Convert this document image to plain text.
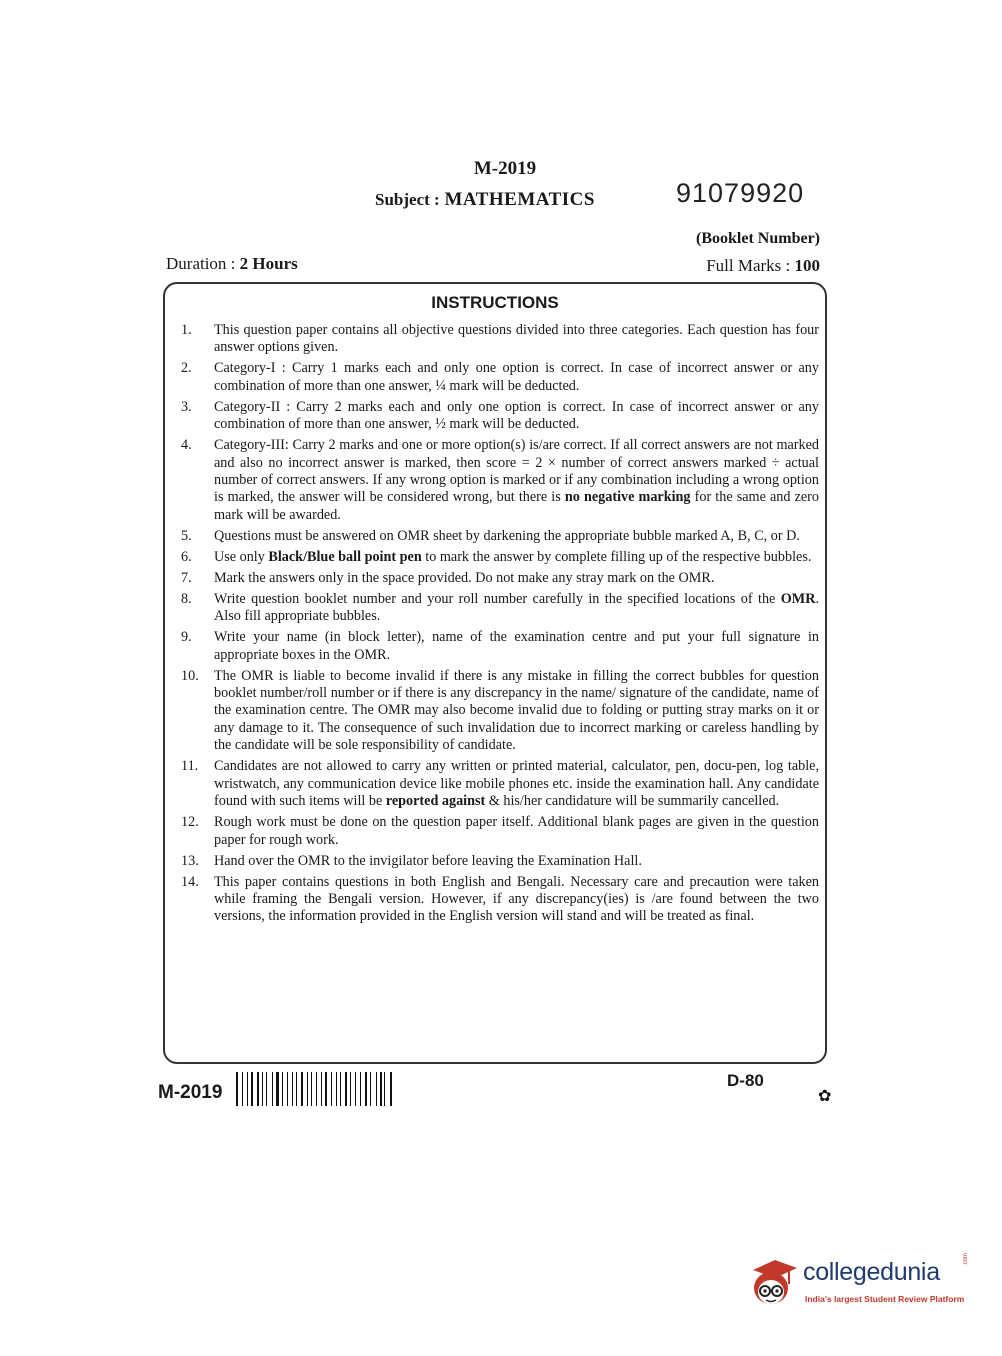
M-2019
Subject : MATHEMATICS	91079920
(Booklet Number)
Duration : 2 Hours	Full Marks : 100
INSTRUCTIONS
1.	This question paper contains all objective questions divided into three categories. Each question has four answer options given.
2.	Category-I : Carry 1 marks each and only one option is correct. In case of incorrect answer or any combination of more than one answer, ¼ mark will be deducted.
3.	Category-II : Carry 2 marks each and only one option is correct. In case of incorrect answer or any combination of more than one answer, ½ mark will be deducted.
4.	Category-III: Carry 2 marks and one or more option(s) is/are correct. If all correct answers are not marked and also no incorrect answer is marked, then score = 2 × number of correct answers marked ÷ actual number of correct answers. If any wrong option is marked or if any combination including a wrong option is marked, the answer will be considered wrong, but there is no negative marking for the same and zero mark will be awarded.
5.	Questions must be answered on OMR sheet by darkening the appropriate bubble marked A, B, C, or D.
6.	Use only Black/Blue ball point pen to mark the answer by complete filling up of the respective bubbles.
7.	Mark the answers only in the space provided. Do not make any stray mark on the OMR.
8.	Write question booklet number and your roll number carefully in the specified locations of the OMR. Also fill appropriate bubbles.
9.	Write your name (in block letter), name of the examination centre and put your full signature in appropriate boxes in the OMR.
10.	The OMR is liable to become invalid if there is any mistake in filling the correct bubbles for question booklet number/roll number or if there is any discrepancy in the name/ signature of the candidate, name of the examination centre. The OMR may also become invalid due to folding or putting stray marks on it or any damage to it. The consequence of such invalidation due to incorrect marking or careless handling by the candidate will be sole responsibility of candidate.
11.	Candidates are not allowed to carry any written or printed material, calculator, pen, docu-pen, log table, wristwatch, any communication device like mobile phones etc. inside the examination hall. Any candidate found with such items will be reported against & his/her candidature will be summarily cancelled.
12.	Rough work must be done on the question paper itself. Additional blank pages are given in the question paper for rough work.
13.	Hand over the OMR to the invigilator before leaving the Examination Hall.
14.	This paper contains questions in both English and Bengali. Necessary care and precaution were taken while framing the Bengali version. However, if any discrepancy(ies) is /are found between the two versions, the information provided in the English version will stand and will be treated as final.
M-2019
D-80
✿
collegedunia	.com
India's largest Student Review Platform
